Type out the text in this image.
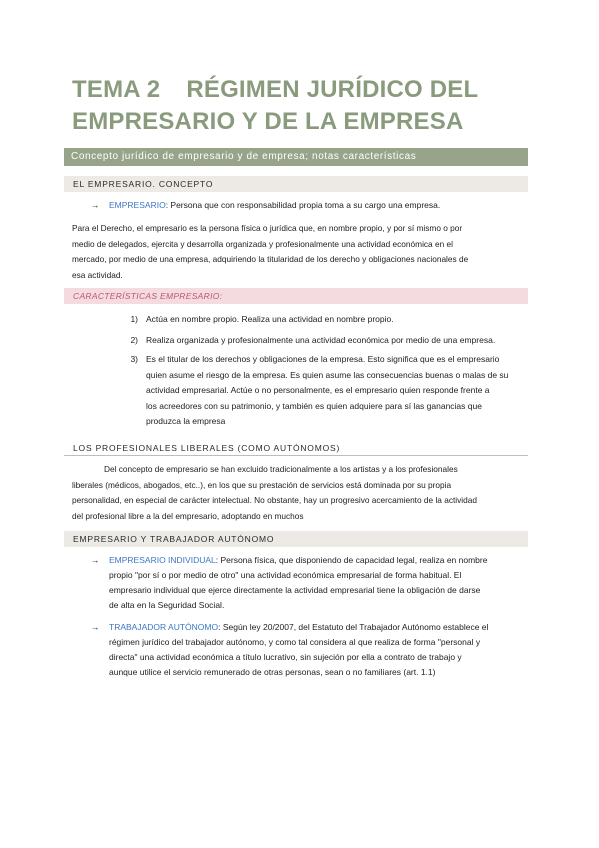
TEMA 2 RÉGIMEN JURÍDICO DEL
EMPRESARIO Y DE LA EMPRESA
Concepto jurídico de empresario y de empresa; notas características
EL EMPRESARIO. CONCEPTO
→ EMPRESARIO: Persona que con responsabilidad propia toma a su cargo una empresa.
Para el Derecho, el empresario es la persona física o jurídica que, en nombre propio, y por sí mismo o por
medio de delegados, ejercita y desarrolla organizada y profesionalmente una actividad económica en el
mercado, por medio de una empresa, adquiriendo la titularidad de los derecho y obligaciones nacionales de
esa actividad.
CARACTERÍSTICAS EMPRESARIO:
1) Actúa en nombre propio. Realiza una actividad en nombre propio.
2) Realiza organizada y profesionalmente una actividad económica por medio de una empresa.
3) Es el titular de los derechos y obligaciones de la empresa. Esto significa que es el empresario
quien asume el riesgo de la empresa. Es quien asume las consecuencias buenas o malas de su
actividad empresarial. Actúe o no personalmente, es el empresario quien responde frente a
los acreedores con su patrimonio, y también es quien adquiere para sí las ganancias que
produzca la empresa
LOS PROFESIONALES LIBERALES (COMO AUTÓNOMOS)
Del concepto de empresario se han excluido tradicionalmente a los artistas y a los profesionales
liberales (médicos, abogados, etc..), en los que su prestación de servicios está dominada por su propia
personalidad, en especial de carácter intelectual. No obstante, hay un progresivo acercamiento de la actividad
del profesional libre a la del empresario, adoptando en muchos
EMPRESARIO Y TRABAJADOR AUTÓNOMO
→ EMPRESARIO INDIVIDUAL: Persona física, que disponiendo de capacidad legal, realiza en nombre
propio "por sí o por medio de otro" una actividad económica empresarial de forma habitual. El
empresario individual que ejerce directamente la actividad empresarial tiene la obligación de darse
de alta en la Seguridad Social.
→ TRABAJADOR AUTÓNOMO: Según ley 20/2007, del Estatuto del Trabajador Autónomo establece el
régimen jurídico del trabajador autónomo, y como tal considera al que realiza de forma "personal y
directa" una actividad económica a título lucrativo, sin sujeción por ella a contrato de trabajo y
aunque utilice el servicio remunerado de otras personas, sean o no familiares (art. 1.1)
